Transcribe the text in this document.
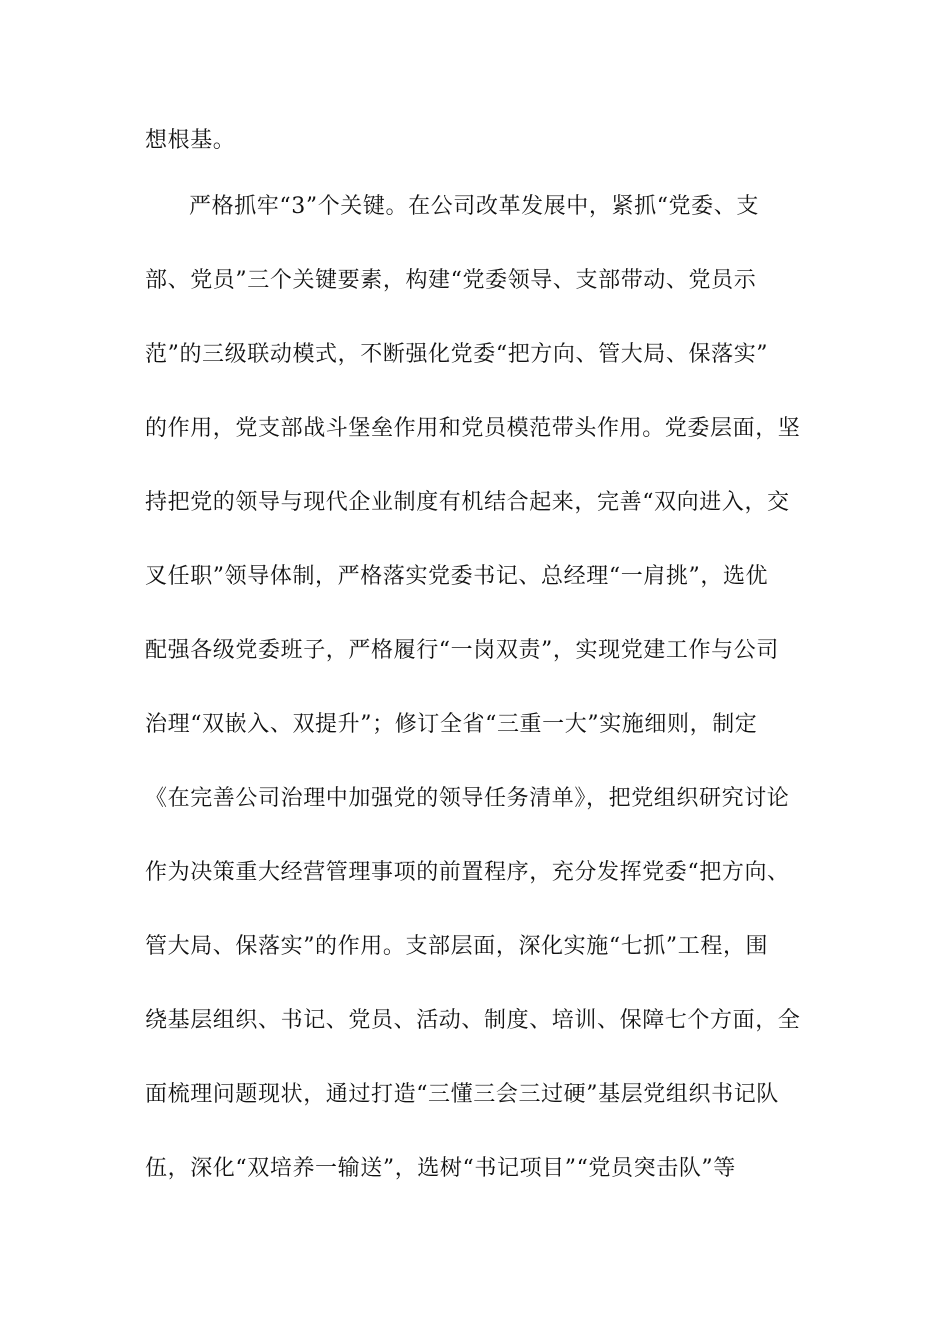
想根基。
严格抓牢“3”个关键。在公司改革发展中，紧抓“党委、支
部、党员”三个关键要素，构建“党委领导、支部带动、党员示
范”的三级联动模式，不断强化党委“把方向、管大局、保落实”
的作用，党支部战斗堡垒作用和党员模范带头作用。党委层面，坚
持把党的领导与现代企业制度有机结合起来，完善“双向进入，交
叉任职”领导体制，严格落实党委书记、总经理“一肩挑”，选优
配强各级党委班子，严格履行“一岗双责”，实现党建工作与公司
治理“双嵌入、双提升”；修订全省“三重一大”实施细则，制定
《在完善公司治理中加强党的领导任务清单》，把党组织研究讨论
作为决策重大经营管理事项的前置程序，充分发挥党委“把方向、
管大局、保落实”的作用。支部层面，深化实施“七抓”工程，围
绕基层组织、书记、党员、活动、制度、培训、保障七个方面，全
面梳理问题现状，通过打造“三懂三会三过硬”基层党组织书记队
伍，深化“双培养一输送”，选树“书记项目”“党员突击队”等
